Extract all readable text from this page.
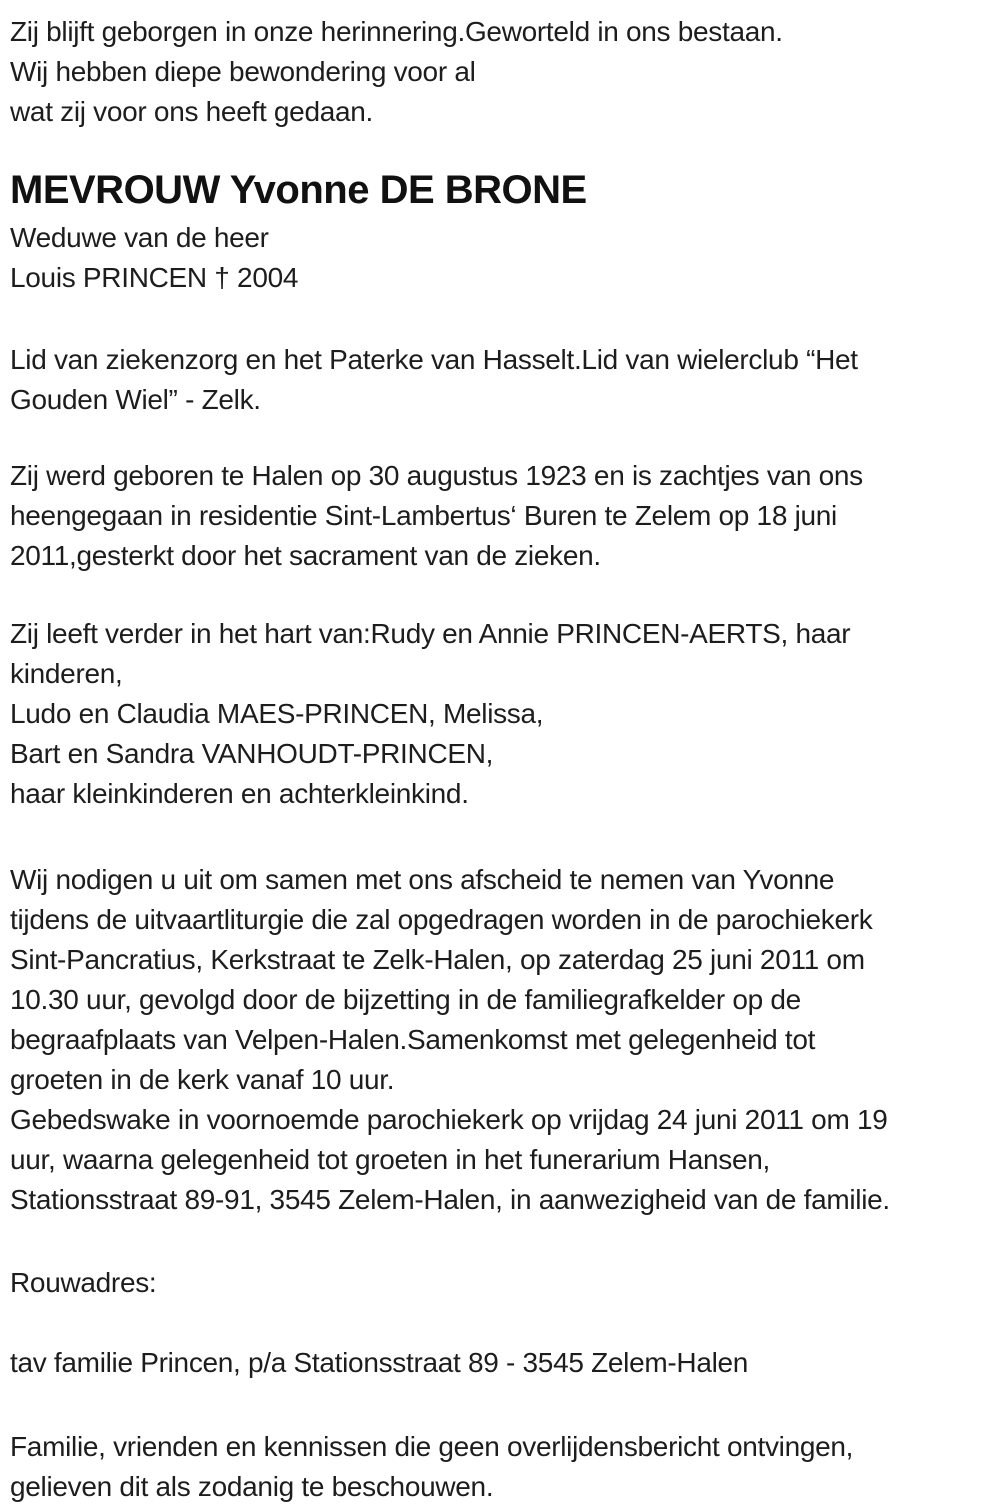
Zij blijft geborgen in onze herinnering.Geworteld in ons bestaan.
Wij hebben diepe bewondering voor al
wat zij voor ons heeft gedaan.

MEVROUW Yvonne DE BRONE

Weduwe van de heer
Louis PRINCEN † 2004

Lid van ziekenzorg en het Paterke van Hasselt.Lid van wielerclub “Het
Gouden Wiel” - Zelk.

Zij werd geboren te Halen op 30 augustus 1923 en is zachtjes van ons
heengegaan in residentie Sint-Lambertus‘ Buren te Zelem op 18 juni
2011,gesterkt door het sacrament van de zieken.

Zij leeft verder in het hart van:Rudy en Annie PRINCEN-AERTS, haar
kinderen,
Ludo en Claudia MAES-PRINCEN, Melissa,
Bart en Sandra VANHOUDT-PRINCEN,
haar kleinkinderen en achterkleinkind.

Wij nodigen u uit om samen met ons afscheid te nemen van Yvonne
tijdens de uitvaartliturgie die zal opgedragen worden in de parochiekerk
Sint-Pancratius, Kerkstraat te Zelk-Halen, op zaterdag 25 juni 2011 om
10.30 uur, gevolgd door de bijzetting in de familiegrafkelder op de
begraafplaats van Velpen-Halen.Samenkomst met gelegenheid tot
groeten in de kerk vanaf 10 uur.
Gebedswake in voornoemde parochiekerk op vrijdag 24 juni 2011 om 19
uur, waarna gelegenheid tot groeten in het funerarium Hansen,
Stationsstraat 89-91, 3545 Zelem-Halen, in aanwezigheid van de familie.

Rouwadres:

tav familie Princen, p/a Stationsstraat 89 - 3545 Zelem-Halen

Familie, vrienden en kennissen die geen overlijdensbericht ontvingen,
gelieven dit als zodanig te beschouwen.
